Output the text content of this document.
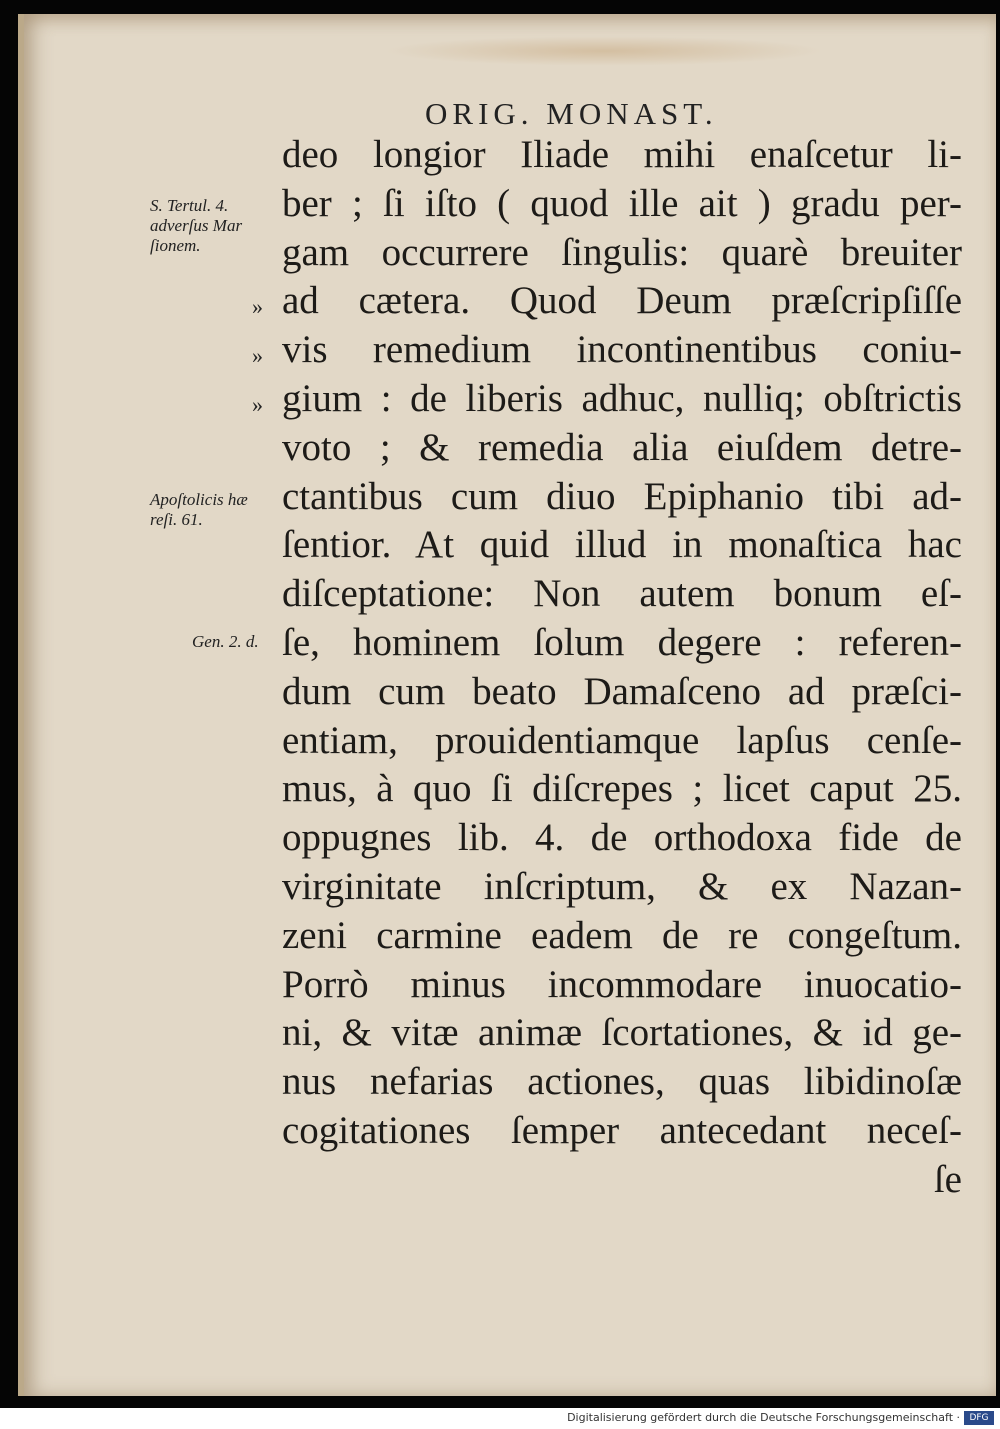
ORIG. MONAST.
S. Tertul. 4.
adverſus Mar
ſionem.
Apoſtolicis hæ
reſi. 61.
Gen. 2. d.
»
»
»
deo longior Iliade mihi enaſcetur li-
ber ; ſi iſto ( quod ille ait ) gradu per-
gam occurrere ſingulis: quarè breuiter
ad cætera. Quod Deum præſcripſiſſe
vis remedium incontinentibus coniu-
gium : de liberis adhuc, nulliq; obſtrictis
voto ; & remedia alia eiuſdem detre-
ctantibus cum diuo Epiphanio tibi ad-
ſentior. At quid illud in monaſtica hac
diſceptatione: Non autem bonum eſ-
ſe, hominem ſolum degere : referen-
dum cum beato Damaſceno ad præſci-
entiam, prouidentiamque lapſus cenſe-
mus, à quo ſi diſcrepes ; licet caput 25.
oppugnes lib. 4. de orthodoxa fide de
virginitate inſcriptum, & ex Nazan-
zeni carmine eadem de re congeſtum.
Porrò minus incommodare inuocatio-
ni, & vitæ animæ ſcortationes, & id ge-
nus nefarias actiones, quas libidinoſæ
cogitationes ſemper antecedant neceſ-
ſe
Digitalisierung gefördert durch die Deutsche Forschungsgemeinschaft ·	DFG
